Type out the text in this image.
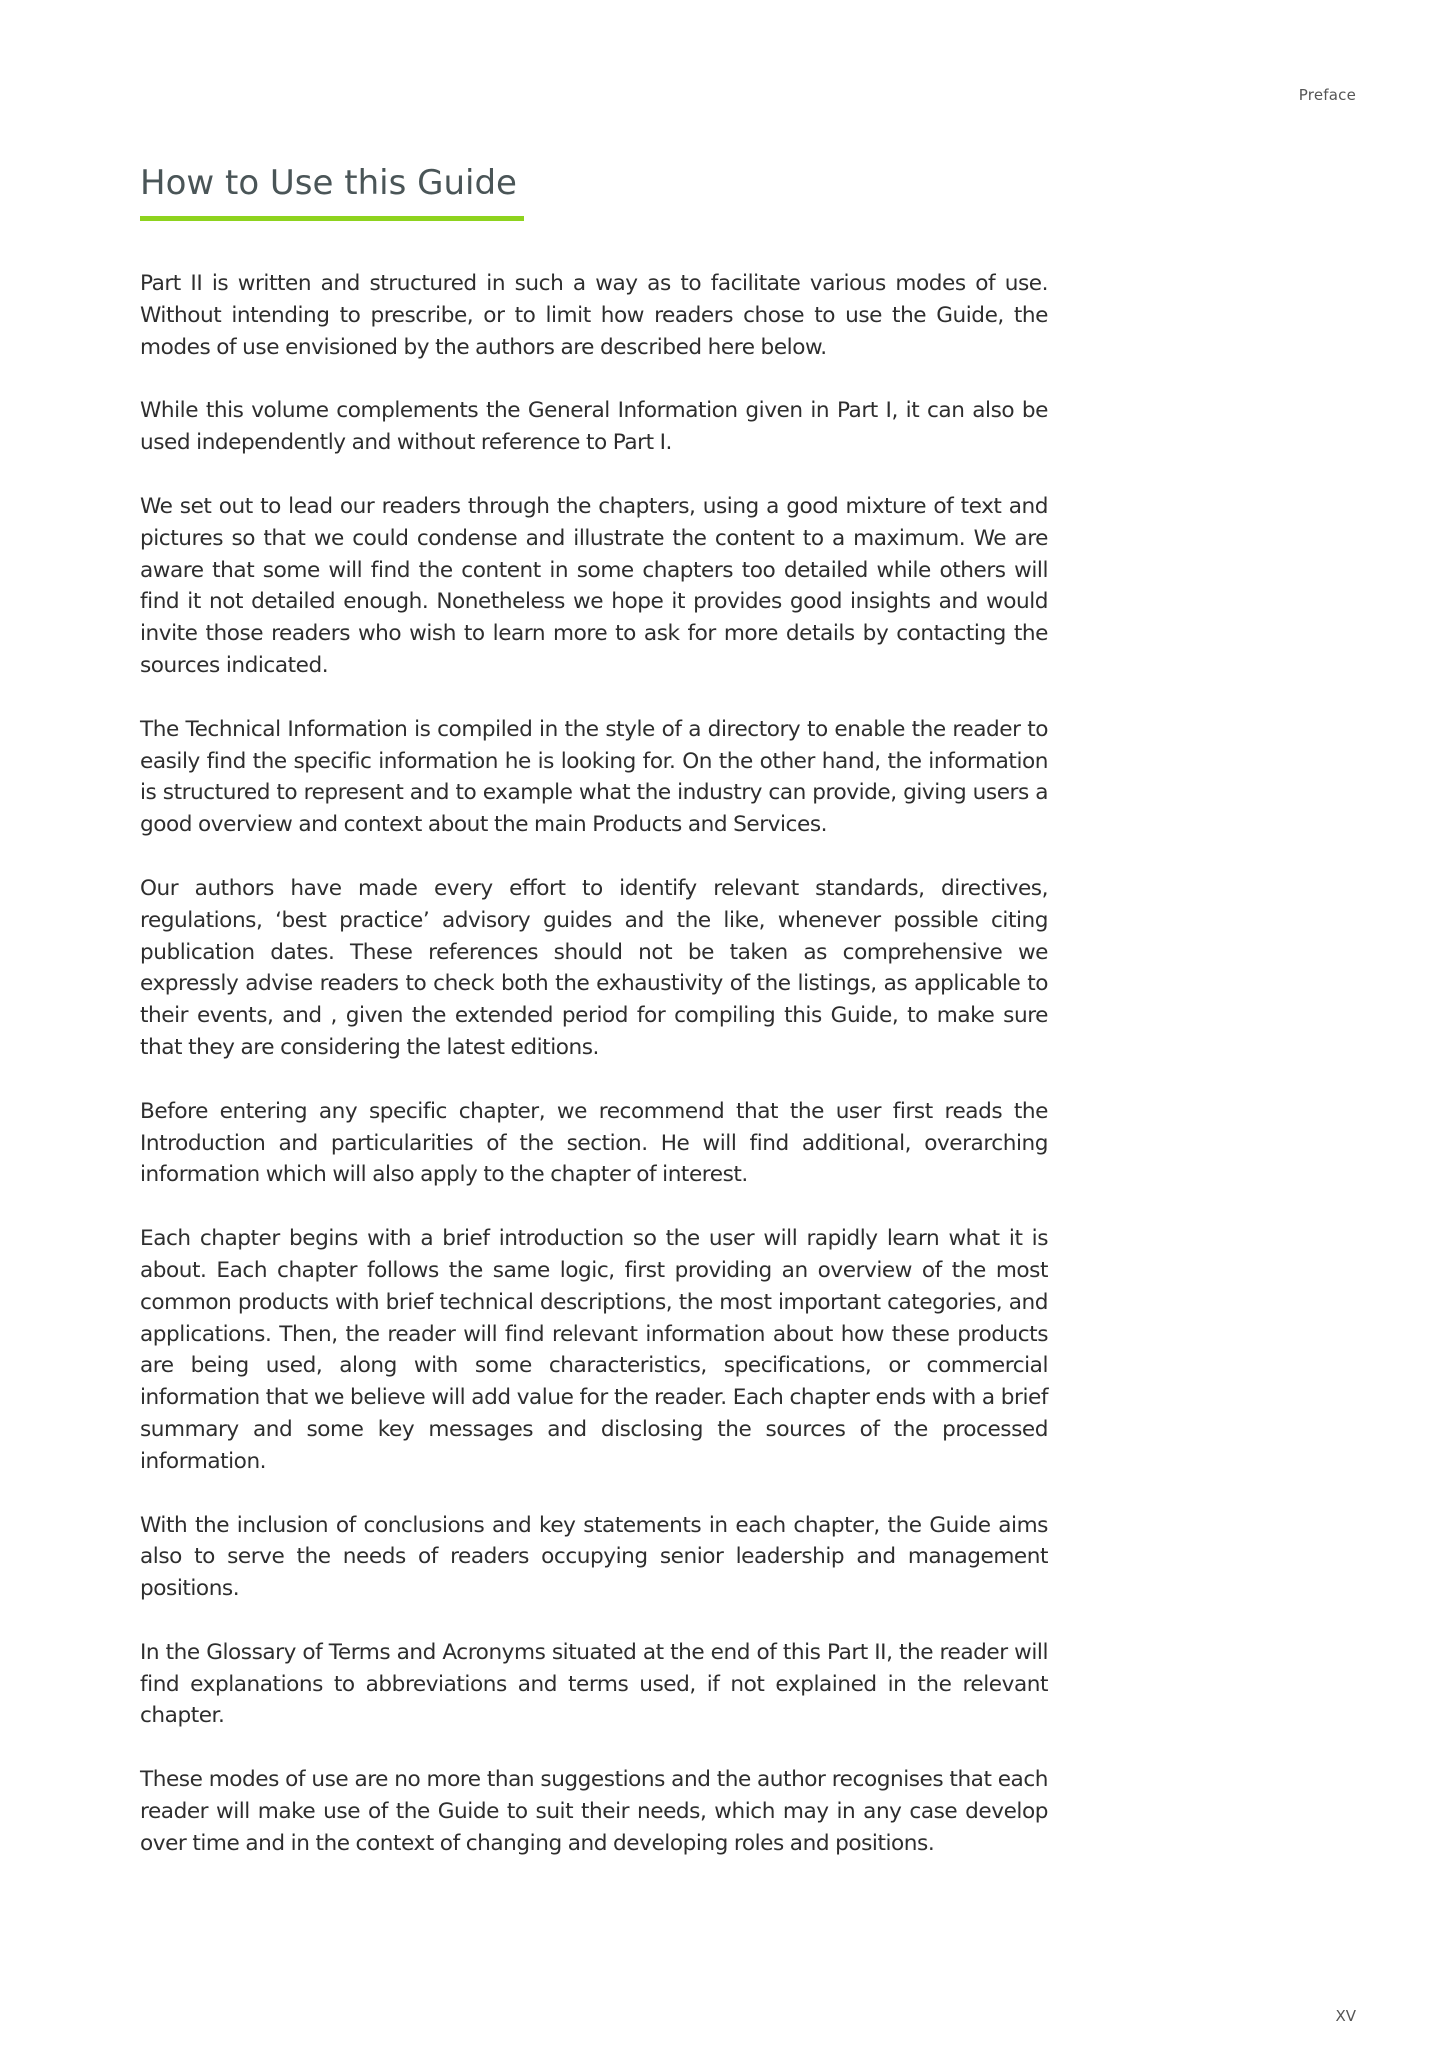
Preface
How to Use this Guide

Part II is written and structured in such a way as to facilitate various modes of use. Without intending to prescribe, or to limit how readers chose to use the Guide, the modes of use envisioned by the authors are described here below.

While this volume complements the General Information given in Part I, it can also be used independently and without reference to Part I.

We set out to lead our readers through the chapters, using a good mixture of text and pictures so that we could condense and illustrate the content to a maximum. We are aware that some will find the content in some chapters too detailed while others will find it not detailed enough. Nonetheless we hope it provides good insights and would invite those readers who wish to learn more to ask for more details by contacting the sources indicated.

The Technical Information is compiled in the style of a directory to enable the reader to easily find the specific information he is looking for. On the other hand, the information is structured to represent and to example what the industry can provide, giving users a good overview and context about the main Products and Services.

Our authors have made every effort to identify relevant standards, directives, regulations, ‘best practice’ advisory guides and the like, whenever possible citing publication dates. These references should not be taken as comprehensive we expressly advise readers to check both the exhaustivity of the listings, as applicable to their events, and , given the extended period for compiling this Guide, to make sure that they are considering the latest editions.

Before entering any specific chapter, we recommend that the user first reads the Introduction and particularities of the section. He will find additional, overarching information which will also apply to the chapter of interest.

Each chapter begins with a brief introduction so the user will rapidly learn what it is about. Each chapter follows the same logic, first providing an overview of the most common products with brief technical descriptions, the most important categories, and applications. Then, the reader will find relevant information about how these products are being used, along with some characteristics, specifications, or commercial information that we believe will add value for the reader. Each chapter ends with a brief summary and some key messages and disclosing the sources of the processed information.

With the inclusion of conclusions and key statements in each chapter, the Guide aims also to serve the needs of readers occupying senior leadership and management positions.

In the Glossary of Terms and Acronyms situated at the end of this Part II, the reader will find explanations to abbreviations and terms used, if not explained in the relevant chapter.

These modes of use are no more than suggestions and the author recognises that each reader will make use of the Guide to suit their needs, which may in any case develop over time and in the context of changing and developing roles and positions.

XV
